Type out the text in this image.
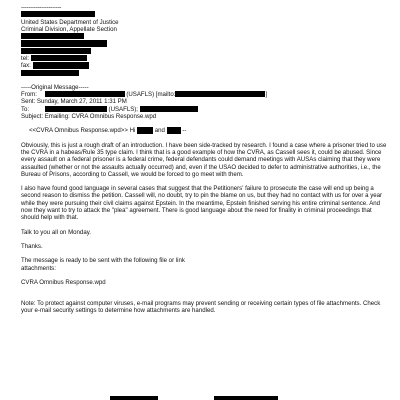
----------------------
United States Department of Justice
Criminal Division, Appellate Section
tel:
fax:
-----Original Message-----
From:	(USAFLS) [mailto:	]
Sent: Sunday, March 27, 2011 1:31 PM
To:	(USAFLS);
Subject: Emailing: CVRA Omnibus Response.wpd
<<CVRA Omnibus Response.wpd>> Hi	and	--

Obviously, this is just a rough draft of an introduction. I have been side-tracked by research. I found a case where a prisoner tried to use the CVRA in a habeas/Rule 35 type claim. I think that is a good example of how the CVRA, as Cassell sees it, could be abused. Since every assault on a federal prisoner is a federal crime, federal defendants could demand meetings with AUSAs claiming that they were assaulted (whether or not the assaults actually occurred) and, even if the USAO decided to defer to administrative authorities, i.e., the Bureau of Prisons, according to Cassell, we would be forced to go meet with them.

I also have found good language in several cases that suggest that the Petitioners' failure to prosecute the case will end up being a second reason to dismiss the petition. Cassell will, no doubt, try to pin the blame on us, but they had no contact with us for over a year while they were pursuing their civil claims against Epstein. In the meantime, Epstein finished serving his entire criminal sentence. And now they want to try to attack the "plea" agreement. There is good language about the need for finality in criminal proceedings that should help with that.

Talk to you all on Monday.

Thanks.

The message is ready to be sent with the following file or link
attachments:

CVRA Omnibus Response.wpd

Note: To protect against computer viruses, e-mail programs may prevent sending or receiving certain types of file attachments. Check your e-mail security settings to determine how attachments are handled.
